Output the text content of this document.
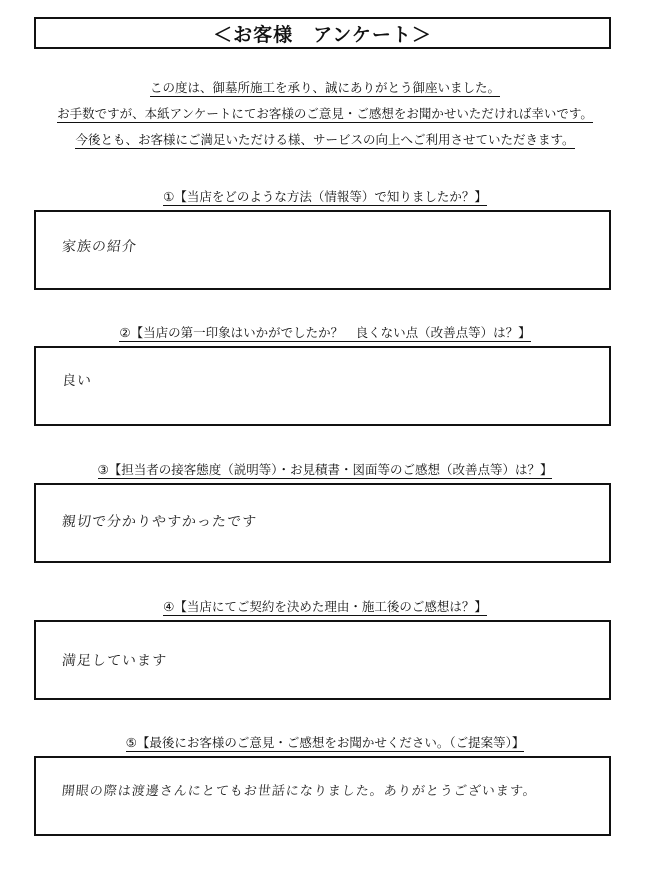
＜お客様　アンケート＞
この度は、御墓所施工を承り、誠にありがとう御座いました。
お手数ですが、本紙アンケートにてお客様のご意見・ご感想をお聞かせいただければ幸いです。
今後とも、お客様にご満足いただける様、サービスの向上へご利用させていただきます。
①【当店をどのような方法（情報等）で知りましたか？】
家族の紹介
②【当店の第一印象はいかがでしたか？　良くない点（改善点等）は？】
良い
③【担当者の接客態度（説明等）・お見積書・図面等のご感想（改善点等）は？】
親切で分かりやすかったです
④【当店にてご契約を決めた理由・施工後のご感想は？】
満足しています
⑤【最後にお客様のご意見・ご感想をお聞かせください。（ご提案等）】
開眼の際は渡邊さんにとてもお世話になりました。ありがとうございます。
